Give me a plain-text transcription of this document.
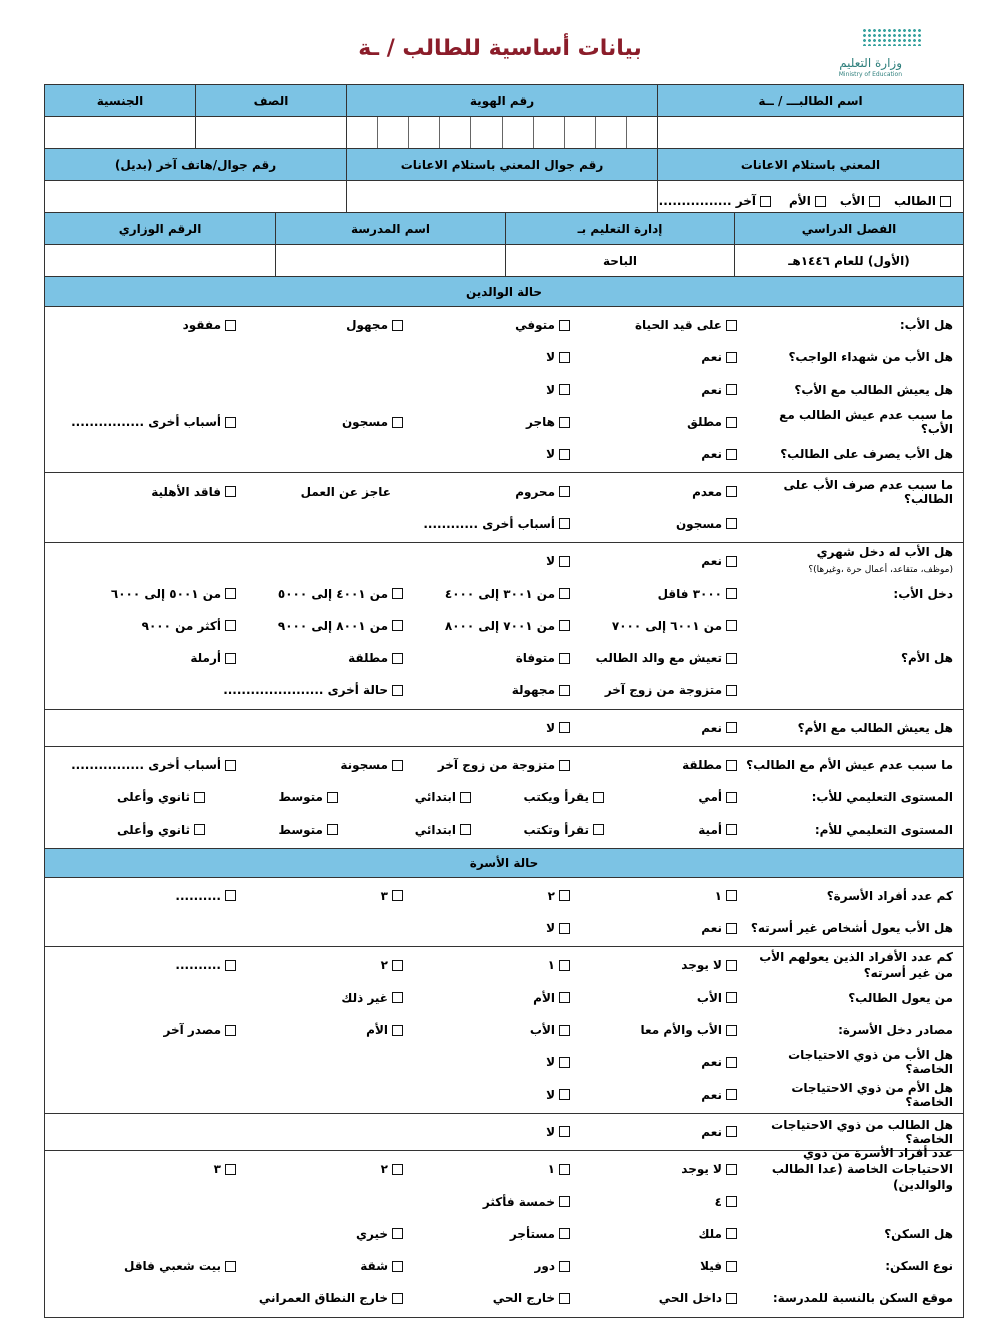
وزارة التعليم
Ministry of Education
بيانات أساسية للطالب / ـة
اسم الطالبـــ / ــة
رقم الهوية
الصف
الجنسية
المعني باستلام الاعانات
رقم جوال المعني باستلام الاعانات
رقم جوال/هاتف آخر (بديل)
الطالب
الأب
الأم
آخر ................
الفصل الدراسي
إدارة التعليم بـ
اسم المدرسة
الرقم الوزاري
(الأول) للعام ١٤٤٦هـ
الباحة
حالة الوالدين
هل الأب:
على قيد الحياة
متوفي
مجهول
مفقود
هل الأب من شهداء الواجب؟
نعم
لا
هل يعيش الطالب مع الأب؟
نعم
لا
ما سبب عدم عيش الطالب مع الأب؟
مطلق
هاجر
مسجون
أسباب أخرى ................
هل الأب يصرف على الطالب؟
نعم
لا
ما سبب عدم صرف الأب على الطالب؟
معدم
محروم
عاجز عن العمل
فاقد الأهلية
مسجون
أسباب أخرى ............
هل الأب له دخل شهري
(موظف، متقاعد، أعمال حرة ،وغيرها)؟
نعم
لا
دخل الأب:
٣٠٠٠ فاقل
من ٣٠٠١ إلى ٤٠٠٠
من ٤٠٠١ إلى ٥٠٠٠
من ٥٠٠١ إلى ٦٠٠٠
من ٦٠٠١ إلى ٧٠٠٠
من ٧٠٠١ إلى ٨٠٠٠
من ٨٠٠١ إلى ٩٠٠٠
أكثر من ٩٠٠٠
هل الأم؟
تعيش مع والد الطالب
متوفاة
مطلقة
أرملة
متزوجة من زوج آخر
مجهولة
حالة أخرى ......................
هل يعيش الطالب مع الأم؟
نعم
لا
ما سبب عدم عيش الأم مع الطالب؟
مطلقة
متزوجة من زوج آخر
مسجونة
أسباب أخرى ................
المستوى التعليمي للأب:
أمي
يقرأ ويكتب
ابتدائي
متوسط
ثانوي وأعلى
المستوى التعليمي للأم:
أمية
تقرأ وتكتب
ابتدائي
متوسط
ثانوي وأعلى
حالة الأسرة
كم عدد أفراد الأسرة؟
١
٢
٣
..........
هل الأب يعول أشخاص غير أسرته؟
نعم
لا
كم عدد الأفراد الذين يعولهم الأب من غير أسرته؟
لا يوجد
١
٢
..........
من يعول الطالب؟
الأب
الأم
غير ذلك
مصادر دخل الأسرة:
الأب والأم معا
الأب
الأم
مصدر آخر
هل الأب من ذوي الاحتياجات الخاصة؟
نعم
لا
هل الأم من ذوي الاحتياجات الخاصة؟
نعم
لا
هل الطالب من ذوي الاحتياجات الخاصة؟
نعم
لا
عدد أفراد الأسرة من ذوي الاحتياجات الخاصة (عدا الطالب والوالدين)
لا يوجد
١
٢
٣
٤
خمسة فأكثر
هل السكن؟
ملك
مستأجر
خيري
نوع السكن:
فيلا
دور
شقة
بيت شعبي فاقل
موقع السكن بالنسبة للمدرسة:
داخل الحي
خارج الحي
خارج النطاق العمراني
